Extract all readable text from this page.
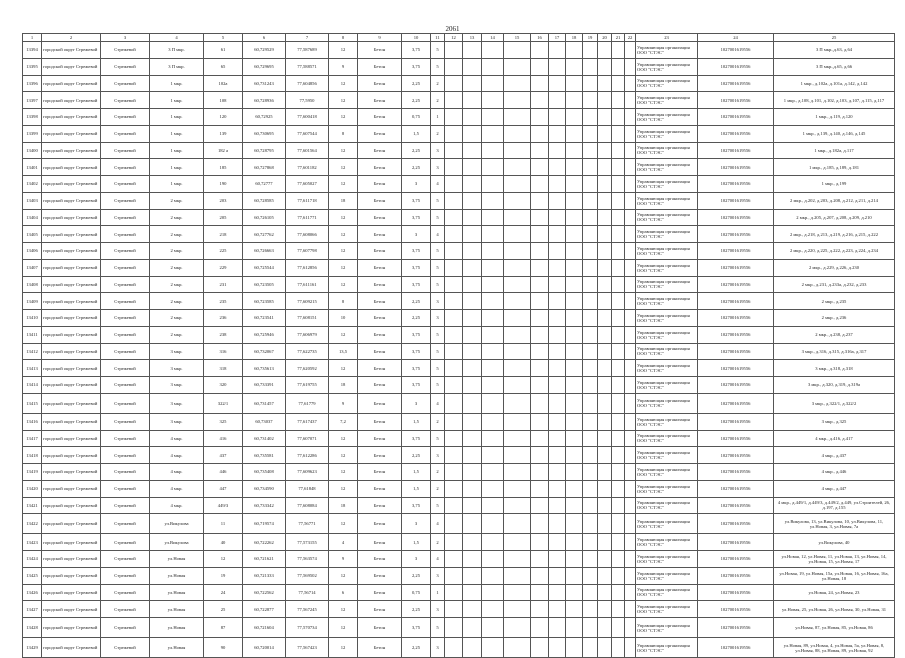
2061
1	2	3	4	5	6	7	8	9	10	11	12	13	14	15	16	17	18	19	20	21	22	23	24	25
13394	городской округ Стрежевой	Стрежевой	3 П мкр.	61	60,729529	77,587689	12	Бетон	3,75	5												Управляющая организация ООО "СТЭС"	1027001619556	3 П мкр.,д.63, д.64
13395	городской округ Стрежевой	Стрежевой	3 П мкр.	65	60,729695	77,588571	9	Бетон	3,75	5												Управляющая организация ООО "СТЭС"	1027001619556	3 П мкр.,д.65, д.66
13396	городской округ Стрежевой	Стрежевой	1 мкр.	102а	60,731243	77,604856	12	Бетон	2,25	2												Управляющая организация ООО "СТЭС"	1027001619556	1 мкр., д.102а, д.101а, д.142, д.142
13397	городской округ Стрежевой	Стрежевой	1 мкр.	108	60,728936	77,5950	12	Бетон	2,25	2												Управляющая организация ООО "СТЭС"	1027001619556	1 мкр., д.108, д.101, д.102, д.103, д.107, д.115, д.117
13398	городской округ Стрежевой	Стрежевой	1 мкр.	120	60,72925	77,600418	12	Бетон	0,75	1												Управляющая организация ООО "СТЭС"	1027001619556	1 мкр., д.119, д.120
13399	городской округ Стрежевой	Стрежевой	1 мкр.	139	60,730695	77,607544	8	Бетон	1,5	2												Управляющая организация ООО "СТЭС"	1027001619556	1 мкр., д.139, д.140, д.146, д.145
13400	городской округ Стрежевой	Стрежевой	1 мкр.	182 а	60,728795	77,601564	12	Бетон	2,25	3												Управляющая организация ООО "СТЭС"	1027001619556	1 мкр., д.182а, д.117
13401	городской округ Стрежевой	Стрежевой	1 мкр.	185	60,727868	77,601182	12	Бетон	2,25	3												Управляющая организация ООО "СТЭС"	1027001619556	1 мкр., д.185, д.189, д.181
13402	городской округ Стрежевой	Стрежевой	1 мкр.	190	60,72777	77,605027	12	Бетон	3	4												Управляющая организация ООО "СТЭС"	1027001619556	1 мкр., д.199
13403	городской округ Стрежевой	Стрежевой	2 мкр.	203	60,728585	77,611718	18	Бетон	3,75	5												Управляющая организация ООО "СТЭС"	1027001619556	2 мкр., д.202, д.203, д.208, д.212, д.211, д.214
13404	городской округ Стрежевой	Стрежевой	2 мкр.	205	60,726105	77,611771	12	Бетон	3,75	5												Управляющая организация ООО "СТЭС"	1027001619556	2 мкр., д.205, д.207, д.208, д.209, д.210
13405	городской округ Стрежевой	Стрежевой	2 мкр.	218	60,727762	77,608066	12	Бетон	3	4												Управляющая организация ООО "СТЭС"	1027001619556	2 мкр., д.218, д.213, д.219, д.216, д.215, д.222
13406	городской округ Стрежевой	Стрежевой	2 мкр.	225	60,726663	77,607798	12	Бетон	3,75	5												Управляющая организация ООО "СТЭС"	1027001619556	2 мкр., д.220, д.225, д.222, д.223, д.224, д.234
13407	городской округ Стрежевой	Стрежевой	2 мкр.	229	60,725544	77,612856	12	Бетон	3,75	5												Управляющая организация ООО "СТЭС"	1027001619556	2 мкр., д.229, д.226, д.230
13408	городской округ Стрежевой	Стрежевой	2 мкр.	231	60,723505	77,611161	12	Бетон	3,75	5												Управляющая организация ООО "СТЭС"	1027001619556	2 мкр., д.231, д.233а, д.232, д.233
13409	городской округ Стрежевой	Стрежевой	2 мкр.	235	60,723585	77,609215	8	Бетон	2,25	3												Управляющая организация ООО "СТЭС"	1027001619556	2 мкр., д.235
13410	городской округ Стрежевой	Стрежевой	2 мкр.	236	60,723541	77,608151	10	Бетон	2,25	3												Управляющая организация ООО "СТЭС"	1027001619556	2 мкр., д.236
13411	городской округ Стрежевой	Стрежевой	2 мкр.	238	60,725946	77,606979	12	Бетон	3,75	5												Управляющая организация ООО "СТЭС"	1027001619556	2 мкр., д.238, д.237
13412	городской округ Стрежевой	Стрежевой	3 мкр.	316	60,732067	77,622735	13,5	Бетон	3,75	5												Управляющая организация ООО "СТЭС"	1027001619556	3 мкр., д.316, д.315, д.316а, д.317
13413	городской округ Стрежевой	Стрежевой	3 мкр.	318	60,735613	77,620592	12	Бетон	3,75	5												Управляющая организация ООО "СТЭС"	1027001619556	3 мкр., д.318, д.318
13414	городской округ Стрежевой	Стрежевой	3 мкр.	320	60,733391	77,619755	18	Бетон	3,75	5												Управляющая организация ООО "СТЭС"	1027001619556	3 мкр., д.320, д.319, д.319а
13415	городской округ Стрежевой	Стрежевой	3 мкр.	322/1	60,731457	77,61779	9	Бетон	3	4												Управляющая организация ООО "СТЭС"	1027001619556	3 мкр., д.322/1, д.322/2
13416	городской округ Стрежевой	Стрежевой	3 мкр.	325	60,73037	77,617437	7,2	Бетон	1,5	2												Управляющая организация ООО "СТЭС"	1027001619556	3 мкр., д.325
13417	городской округ Стрежевой	Стрежевой	4 мкр.	416	60,731402	77,607071	12	Бетон	3,75	5												Управляющая организация ООО "СТЭС"	1027001619556	4 мкр., д.416, д.417
13418	городской округ Стрежевой	Стрежевой	4 мкр.	437	60,735581	77,612286	12	Бетон	2,25	3												Управляющая организация ООО "СТЭС"	1027001619556	4 мкр., д.437
13419	городской округ Стрежевой	Стрежевой	4 мкр.	446	60,735408	77,609623	12	Бетон	1,5	2												Управляющая организация ООО "СТЭС"	1027001619556	4 мкр., д.446
13420	городской округ Стрежевой	Стрежевой	4 мкр.	447	60,734590	77,61848	12	Бетон	1,5	2												Управляющая организация ООО "СТЭС"	1027001619556	4 мкр., д.447
13421	городской округ Стрежевой	Стрежевой	4 мкр.	449/3	60,733342	77,608084	18	Бетон	3,75	5												Управляющая организация ООО "СТЭС"	1027001619556	4 мкр., д.449/1, д.449/3, д.449/2, д.449, ул.Строителей, 26, д.197, д.155
13422	городской округ Стрежевой	Стрежевой	ул.Викулова	11	60,719574	77,56771	12	Бетон	3	4												Управляющая организация ООО "СТЭС"	1027001619556	ул.Викулова, 13, ул.Викулова, 10, ул.Викулова, 11, ул.Новая, 3, ул.Новая, 7а
13423	городской округ Стрежевой	Стрежевой	ул.Викулова	40	60,722262	77,573155	4	Бетон	1,5	2												Управляющая организация ООО "СТЭС"	1027001619556	ул.Викулова, 40
13424	городской округ Стрежевой	Стрежевой	ул.Новая	12	60,721621	77,563574	9	Бетон	3	4												Управляющая организация ООО "СТЭС"	1027001619556	ул.Новая, 12, ул.Новая, 11, ул.Новая, 13, ул.Новая, 14, ул.Новая, 15, ул.Новая, 17
13425	городской округ Стрежевой	Стрежевой	ул.Новая	19	60,721333	77,569502	12	Бетон	2,25	3												Управляющая организация ООО "СТЭС"	1027001619556	ул.Новая, 19, ул.Новая, 15а, ул.Новая, 16, ул.Новая, 16а, ул.Новая, 18
13426	городской округ Стрежевой	Стрежевой	ул.Новая	24	60,722562	77,56714	6	Бетон	0,75	1												Управляющая организация ООО "СТЭС"	1027001619556	ул.Новая, 24, ул.Новая, 23
13427	городской округ Стрежевой	Стрежевой	ул.Новая	25	60,722877	77,567245	12	Бетон	2,25	3												Управляющая организация ООО "СТЭС"	1027001619556	ул.Новая, 25, ул.Новая, 26, ул.Новая, 30, ул.Новая, 31
13428	городской округ Стрежевой	Стрежевой	ул.Новая	87	60,721604	77,570734	12	Бетон	3,75	5												Управляющая организация ООО "СТЭС"	1027001619556	ул.Новая, 87, ул.Новая, 85, ул.Новая, 86
13429	городской округ Стрежевой	Стрежевой	ул.Новая	90	60,720014	77,567423	12	Бетон	2,25	3												Управляющая организация ООО "СТЭС"	1027001619556	ул.Новая, 89, ул.Новая, 4, ул.Новая, 5а, ул.Новая, 8, ул.Новая, 88, ул.Новая, 89, ул.Новая, 92
